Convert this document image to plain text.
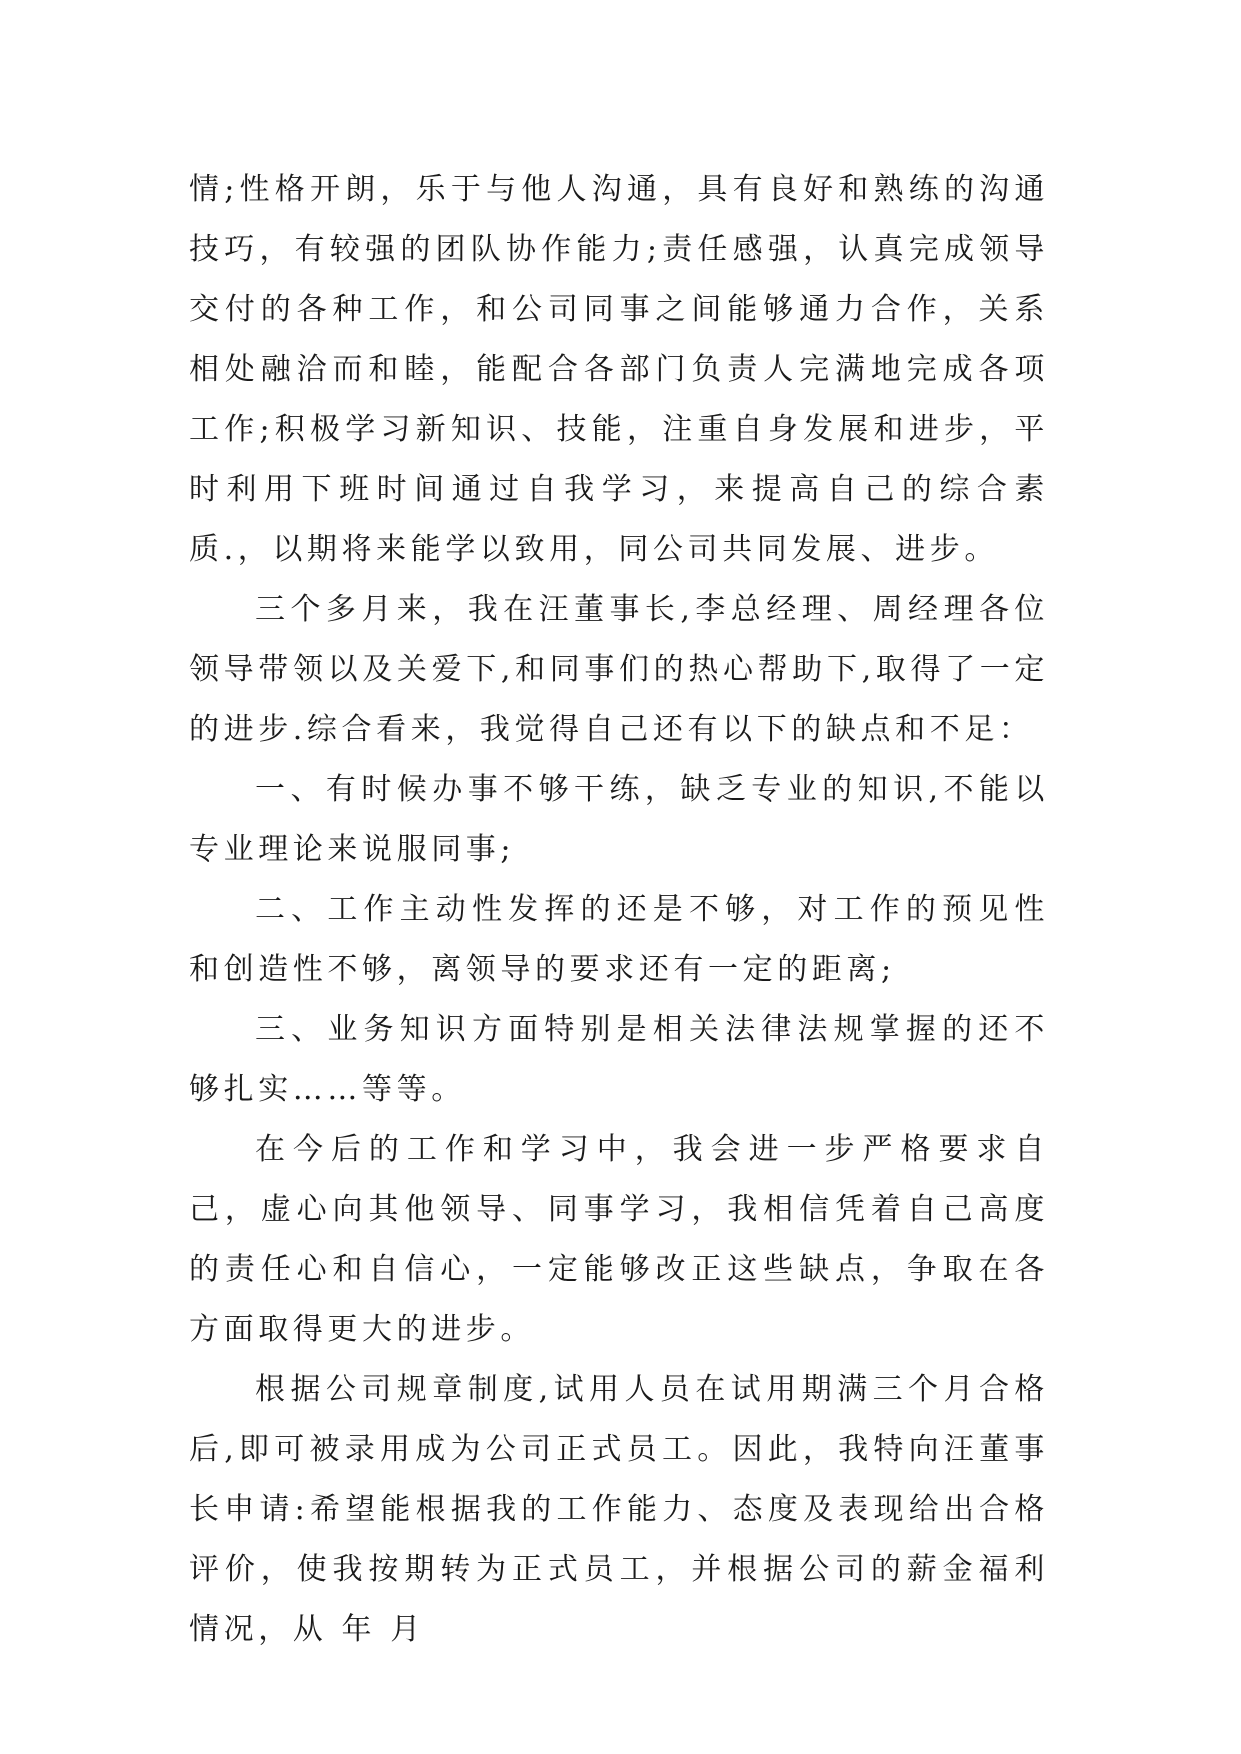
情;性格开朗，乐于与他人沟通，具有良好和熟练的沟通技巧，有较强的团队协作能力;责任感强，认真完成领导交付的各种工作，和公司同事之间能够通力合作，关系相处融洽而和睦，能配合各部门负责人完满地完成各项工作;积极学习新知识、技能，注重自身发展和进步，平时利用下班时间通过自我学习，来提高自己的综合素质.，以期将来能学以致用，同公司共同发展、进步。

三个多月来，我在汪董事长,李总经理、周经理各位领导带领以及关爱下,和同事们的热心帮助下,取得了一定的进步.综合看来，我觉得自己还有以下的缺点和不足：

一、有时候办事不够干练，缺乏专业的知识,不能以专业理论来说服同事;

二、工作主动性发挥的还是不够，对工作的预见性和创造性不够，离领导的要求还有一定的距离;

三、业务知识方面特别是相关法律法规掌握的还不够扎实……等等。

在今后的工作和学习中，我会进一步严格要求自己，虚心向其他领导、同事学习，我相信凭着自己高度的责任心和自信心，一定能够改正这些缺点，争取在各方面取得更大的进步。

根据公司规章制度,试用人员在试用期满三个月合格后,即可被录用成为公司正式员工。因此，我特向汪董事长申请:希望能根据我的工作能力、态度及表现给出合格评价，使我按期转为正式员工，并根据公司的薪金福利情况，从 年 月
